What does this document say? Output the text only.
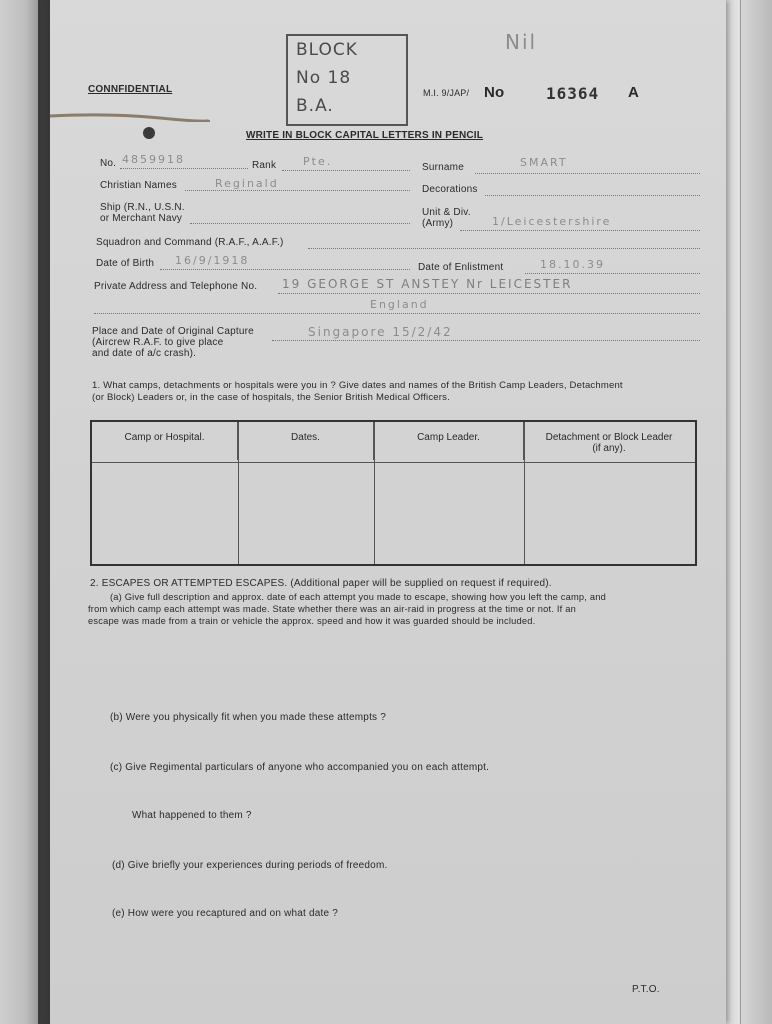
CONNFIDENTIAL
BLOCK
No 18
B.A.
Nil
M.I. 9/JAP/ No	16364 A
WRITE IN BLOCK CAPITAL LETTERS IN PENCIL
No. 4859918	Rank Pte.	Surname	SMART
Christian Names	Reginald	Decorations
Ship (R.N., U.S.N.
or Merchant Navy
Unit & Div.
(Army)	1/Leicestershire
Squadron and Command (R.A.F., A.A.F.)
Date of Birth 16/9/1918
Date of Enlistment	18.10.39
Private Address and Telephone No. 19 GEORGE ST ANSTEY Nr LEICESTER
England
Place and Date of Original Capture
(Aircrew R.A.F. to give place
and date of a/c crash).
Singapore 15/2/42
1. What camps, detachments or hospitals were you in ? Give dates and names of the British Camp Leaders, Detachment
(or Block) Leaders or, in the case of hospitals, the Senior British Medical Officers.
Camp or Hospital.	Dates.	Camp Leader.	Detachment or Block Leader (if any).
2. ESCAPES OR ATTEMPTED ESCAPES. (Additional paper will be supplied on request if required).
(a) Give full description and approx. date of each attempt you made to escape, showing how you left the camp, and
from which camp each attempt was made. State whether there was an air-raid in progress at the time or not. If an
escape was made from a train or vehicle the approx. speed and how it was guarded should be included.
(b) Were you physically fit when you made these attempts ?
(c) Give Regimental particulars of anyone who accompanied you on each attempt.
What happened to them ?
(d) Give briefly your experiences during periods of freedom.
(e) How were you recaptured and on what date ?
P.T.O.
